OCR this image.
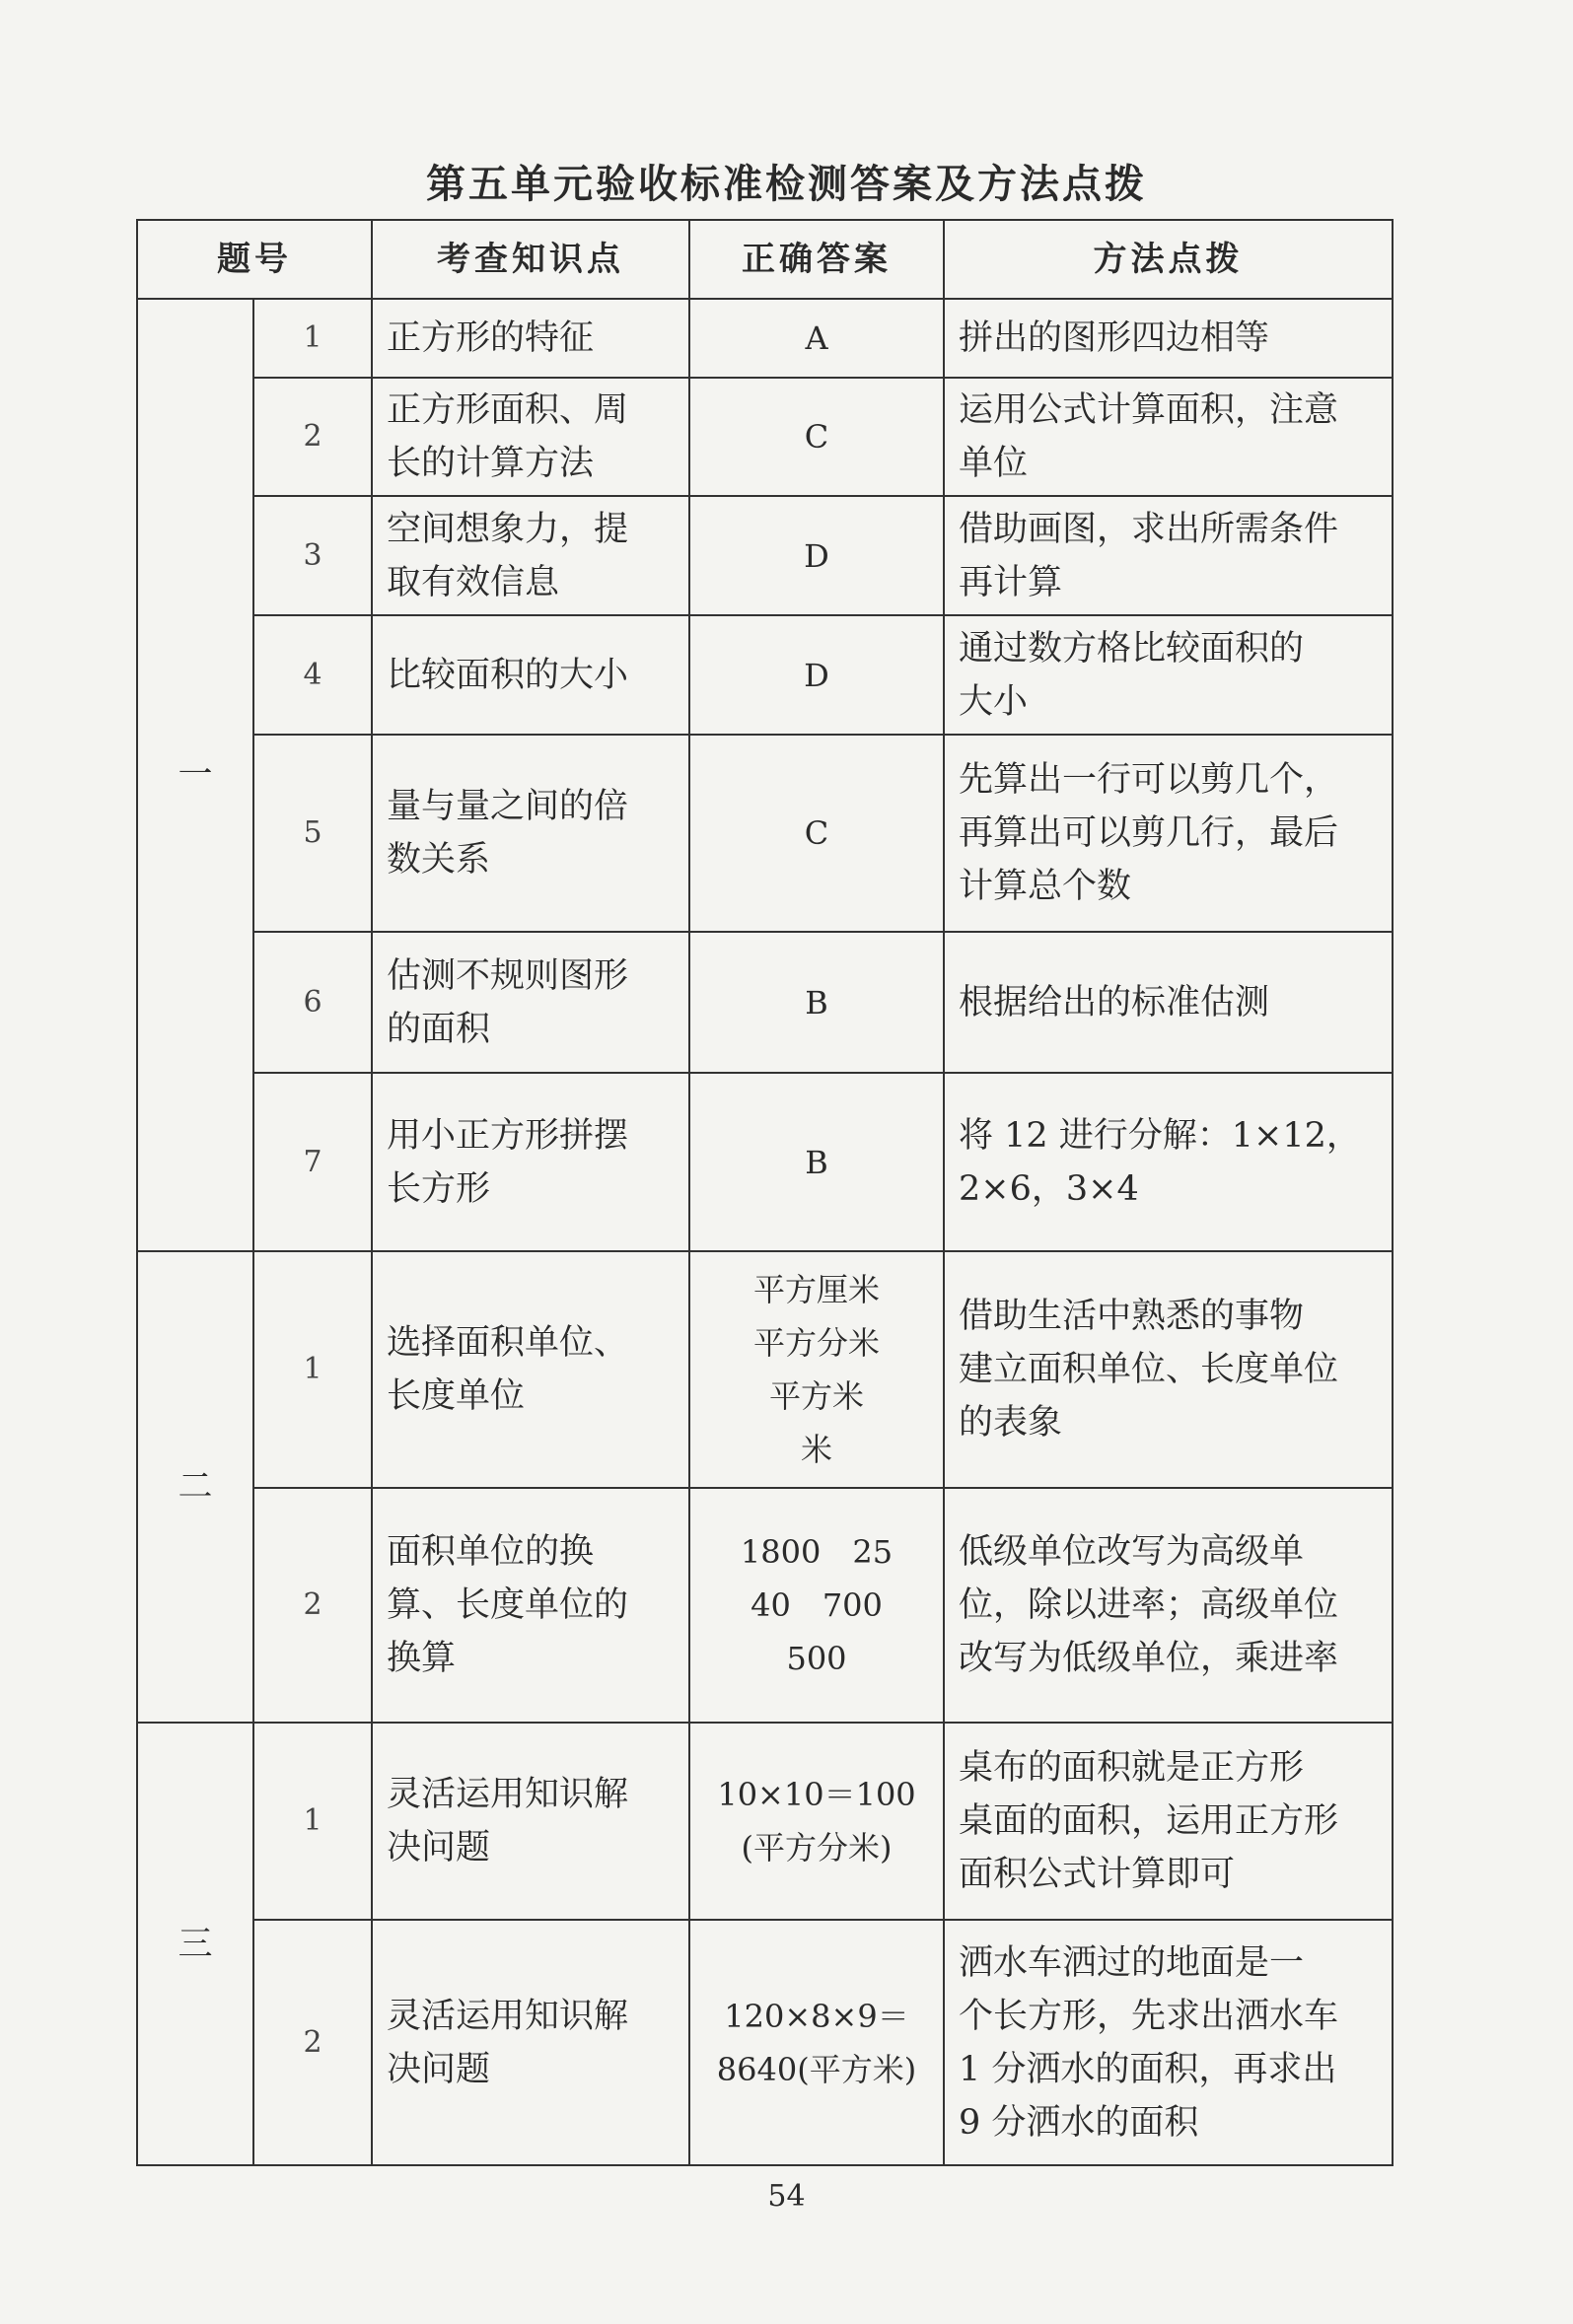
第五单元验收标准检测答案及方法点拨
题号		考查知识点	正确答案	方法点拨
一	1	正方形的特征	A	拼出的图形四边相等

	2	正方形面积、周
长的计算方法	C	运用公式计算面积，注意
单位

	3	空间想象力，提
取有效信息	D	借助画图，求出所需条件
再计算

	4	比较面积的大小	D	通过数方格比较面积的
大小

	5	量与量之间的倍
数关系	C	先算出一行可以剪几个，
再算出可以剪几行，最后
计算总个数

	6	估测不规则图形
的面积	B	根据给出的标准估测

	7	用小正方形拼摆
长方形	B	将 12 进行分解：1×12，
2×6，3×4

二	1	选择面积单位、
长度单位	平方厘米
平方分米
平方米
米	借助生活中熟悉的事物
建立面积单位、长度单位
的表象

	2	面积单位的换
算、长度单位的
换算	1800　25
40　700
500	低级单位改写为高级单
位，除以进率；高级单位
改写为低级单位，乘进率

三	1	灵活运用知识解
决问题	10×10＝100
(平方分米)	桌布的面积就是正方形
桌面的面积，运用正方形
面积公式计算即可

	2	灵活运用知识解
决问题	120×8×9＝
8640(平方米)	洒水车洒过的地面是一
个长方形，先求出洒水车
1 分洒水的面积，再求出
9 分洒水的面积
54
